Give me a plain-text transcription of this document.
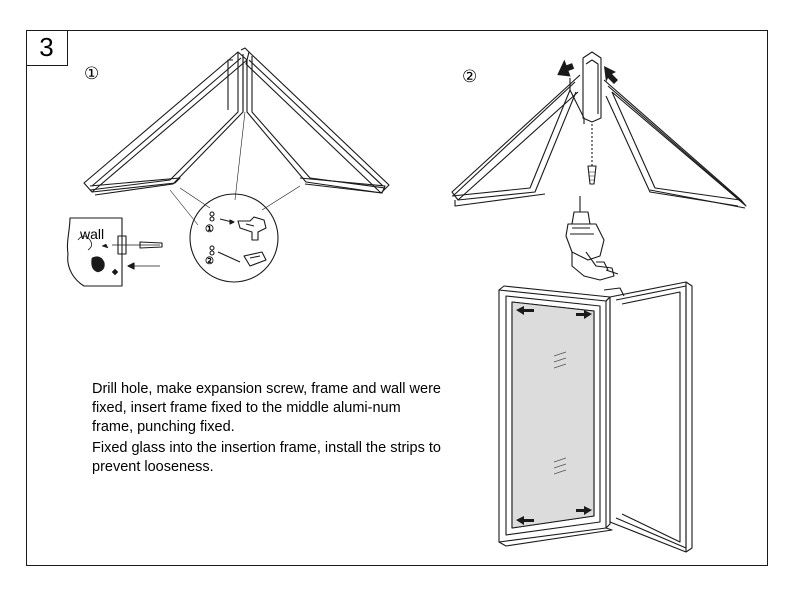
3
①	②
wall

Drill hole, make expansion screw, frame and wall were fixed, insert frame fixed to the middle alumi-num frame, punching fixed.

Fixed glass into the insertion frame, install the strips to prevent looseness.

①
②
